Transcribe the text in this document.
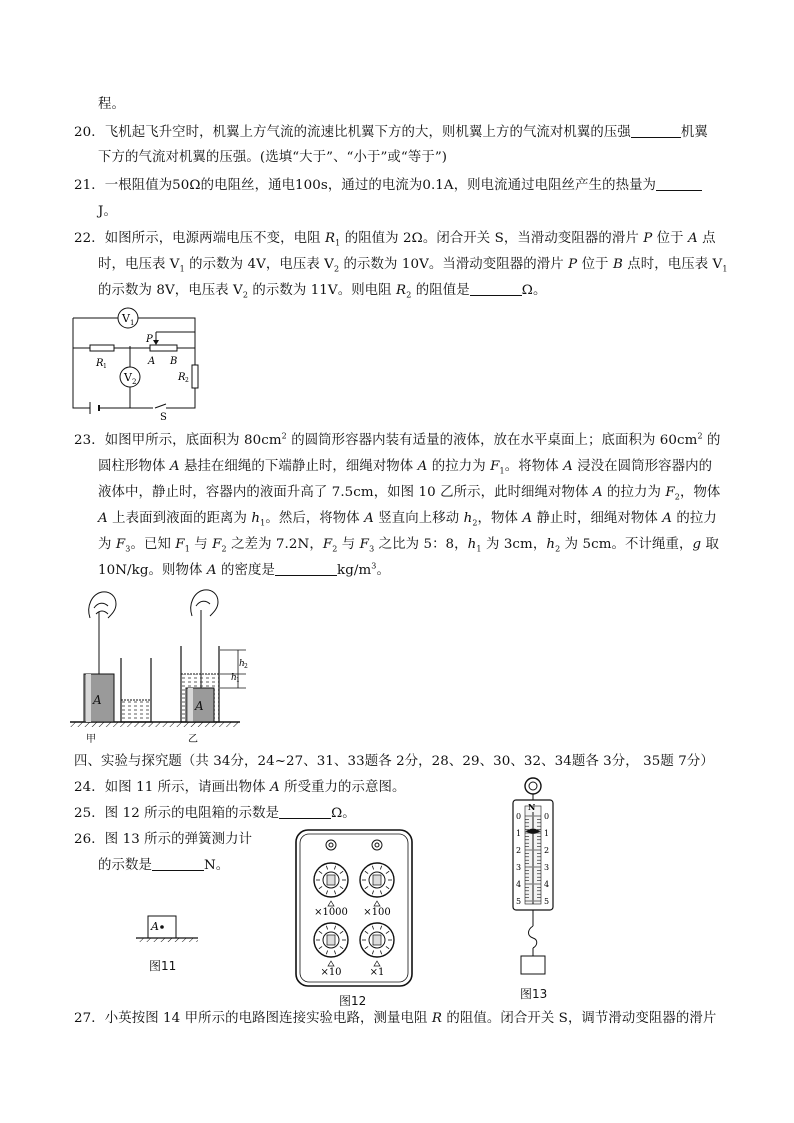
程。
20．飞机起飞升空时，机翼上方气流的流速比机翼下方的大，则机翼上方的气流对机翼的压强	机翼
下方的气流对机翼的压强。(选填“大于”、“小于”或“等于”)
21．一根阻值为50Ω的电阻丝，通电100s，通过的电流为0.1A，则电流通过电阻丝产生的热量为
J。
22．如图所示，电源两端电压不变，电阻 $R_1$ 的阻值为 2Ω。闭合开关 S，当滑动变阻器的滑片 P 位于 A 点
时，电压表 $V_1$ 的示数为 4V，电压表 $V_2$ 的示数为 10V。当滑动变阻器的滑片 P 位于 B 点时，电压表 $V_1$
的示数为 8V，电压表 $V_2$ 的示数为 11V。则电阻 $R_2$ 的阻值是	Ω。
V 1
V 2
R 1
P
A B
R 2
S
23．如图甲所示，底面积为 $80cm^2$ 的圆筒形容器内装有适量的液体，放在水平桌面上；底面积为 $60cm^2$ 的
圆柱形物体 A 悬挂在细绳的下端静止时，细绳对物体 A 的拉力为 $F_1$。将物体 A 浸没在圆筒形容器内的
液体中，静止时，容器内的液面升高了 7.5cm，如图 10 乙所示，此时细绳对物体 A 的拉力为 $F_2$，物体
A 上表面到液面的距离为 $h_1$。然后，将物体 A 竖直向上移动 $h_2$，物体 A 静止时，细绳对物体 A 的拉力
为 $F_3$。已知 $F_1$ 与 $F_2$ 之差为 7.2N，$F_2$ 与 $F_3$ 之比为 5：8，$h_1$ 为 3cm，$h_2$ 为 5cm。不计绳重，g 取
10N/kg。则物体 A 的密度是	$kg/m^3$。
A	A
h 1
h 2
甲	乙
四、实验与探究题（共 34分，24~27、31、33题各 2分，28、29、30、32、34题各 3分， 35题 7分）
24．如图 11 所示，请画出物体 A 所受重力的示意图。
25．图 12 所示的电阻箱的示数是	Ω。
26．图 13 所示的弹簧测力计
的示数是	N。
A
图11
×1000 ×100
×10	×1
图12
N
0	0
1	1
2	2
3	3
4	4
5	5
图13
27．小英按图 14 甲所示的电路图连接实验电路，测量电阻 R 的阻值。闭合开关 S，调节滑动变阻器的滑片
